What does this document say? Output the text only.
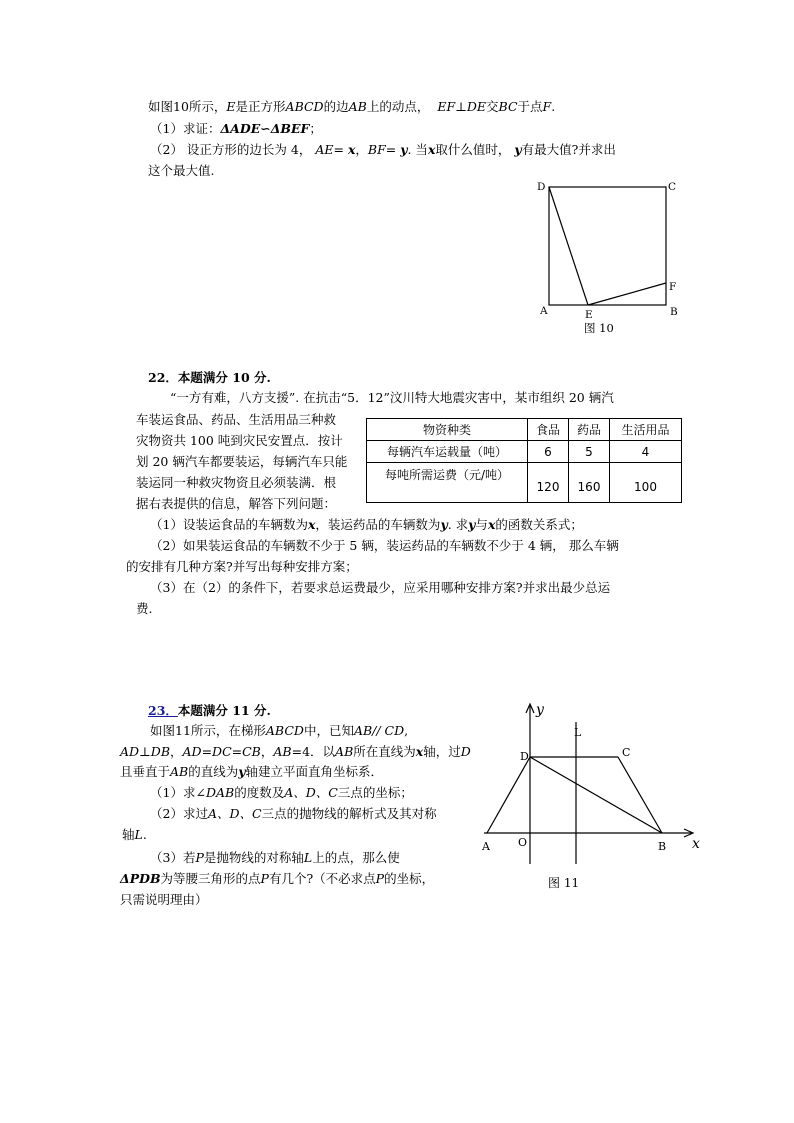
如图10所示，E是正方形ABCD的边AB上的动点， EF⊥DE交BC于点F.
（1）求证：ΔADE∽ΔBEF；
（2） 设正方形的边长为 4， AE= x，BF= y. 当x取什么值时， y有最大值?并求出
这个最大值.
D	C
A	E	B
F
图 10
22．本题满分 10 分.
“一方有难，八方支援”. 在抗击“5．12”汶川特大地震灾害中，某市组织 20 辆汽
车装运食品、药品、生活用品三种救
灾物资共 100 吨到灾民安置点．按计
划 20 辆汽车都要装运，每辆汽车只能
装运同一种救灾物资且必须装满．根
据右表提供的信息，解答下列问题：
物资种类	食品	药品	生活用品
每辆汽车运载量（吨）	6	5	4
每吨所需运费（元/吨）	120	160	100
（1）设装运食品的车辆数为x，装运药品的车辆数为y. 求y与x的函数关系式；
（2）如果装运食品的车辆数不少于 5 辆，装运药品的车辆数不少于 4 辆， 那么车辆
的安排有几种方案?并写出每种安排方案；
（3）在（2）的条件下，若要求总运费最少，应采用哪种安排方案?并求出最少总运
费.
23．本题满分 11 分.
如图11所示，在梯形ABCD中，已知AB// CD,
AD⊥DB，AD=DC=CB，AB=4．以AB所在直线为x轴，过D
且垂直于AB的直线为y轴建立平面直角坐标系．
（1）求∠DAB的度数及A、D、C三点的坐标；
（2）求过A、D、C三点的抛物线的解析式及其对称
轴L.
（3）若P是抛物线的对称轴L上的点，那么使
ΔPDB为等腰三角形的点P有几个?（不必求点P的坐标，
只需说明理由）
y
x
L
D	C
A	O	B
图 11
